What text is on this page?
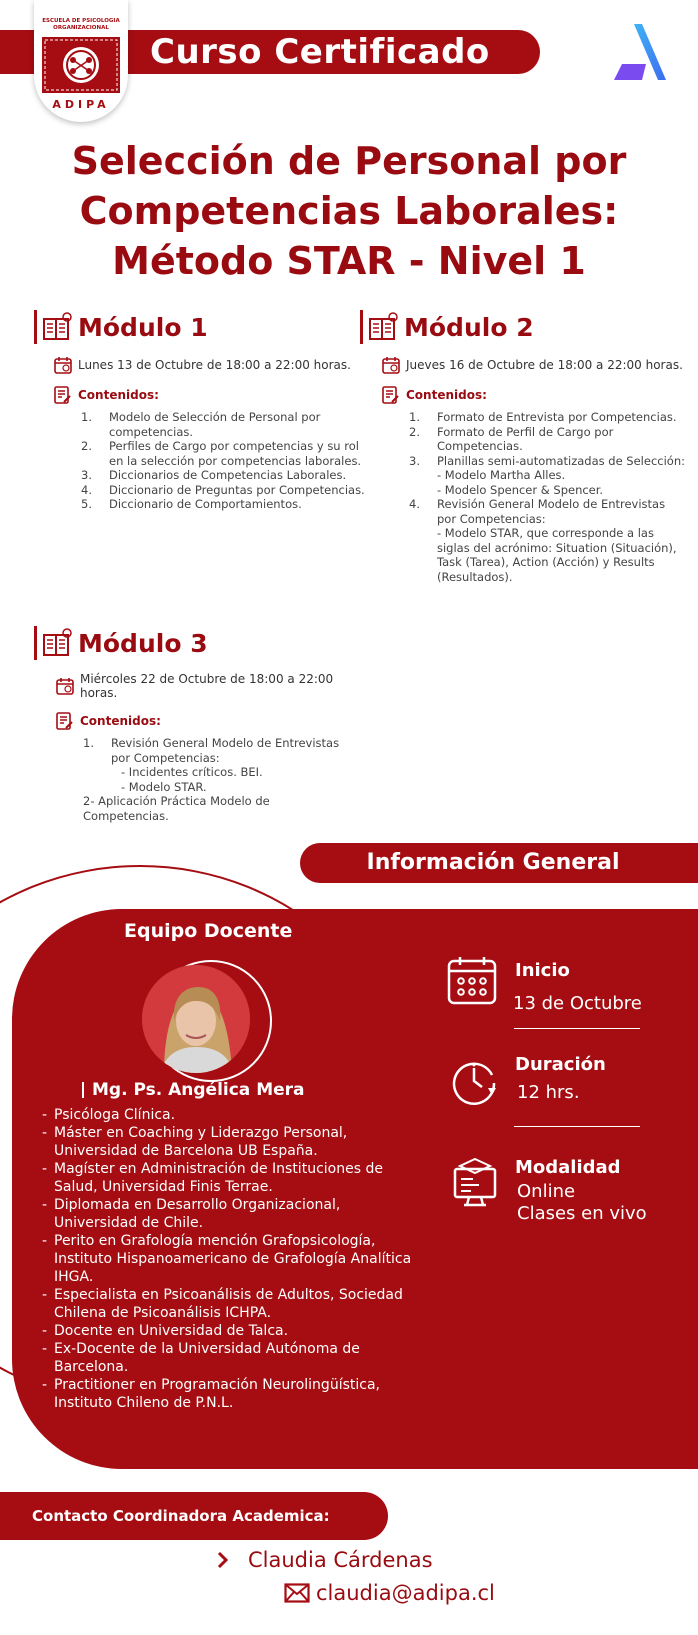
Curso Certificado
ESCUELA DE PSICOLOGIA ORGANIZACIONAL
ADIPA
Selección de Personal por
Competencias Laborales:
Método STAR - Nivel 1
Módulo 1
Lunes 13 de Octubre de 18:00 a 22:00 horas.
Contenidos:
1.	Modelo de Selección de Personal por competencias.
2.	Perfiles de Cargo por competencias y su rol en la selección por competencias laborales.
3.	Diccionarios de Competencias Laborales.
4.	Diccionario de Preguntas por Competencias.
5.	Diccionario de Comportamientos.
Módulo 2
Jueves 16 de Octubre de 18:00 a 22:00 horas.
Contenidos:
1.	Formato de Entrevista por Competencias.
2.	Formato de Perfil de Cargo por Competencias.
3.	Planillas semi-automatizadas de Selección:
- Modelo Martha Alles.
- Modelo Spencer & Spencer.
4.	Revisión General Modelo de Entrevistas por Competencias:
- Modelo STAR, que corresponde a las siglas del acrónimo: Situation (Situación), Task (Tarea), Action (Acción) y Results (Resultados).
Módulo 3
Miércoles 22 de Octubre de 18:00 a 22:00 horas.
Contenidos:
1.	Revisión General Modelo de Entrevistas por Competencias:
- Incidentes críticos. BEI.
- Modelo STAR.
2- Aplicación Práctica Modelo de Competencias.
Información General
Equipo Docente
Mg. Ps. Angélica Mera
- Psicóloga Clínica.
- Máster en Coaching y Liderazgo Personal, Universidad de Barcelona UB España.
- Magíster en Administración de Instituciones de Salud, Universidad Finis Terrae.
- Diplomada en Desarrollo Organizacional, Universidad de Chile.
- Perito en Grafología mención Grafopsicología, Instituto Hispanoamericano de Grafología Analítica IHGA.
- Especialista en Psicoanálisis de Adultos, Sociedad Chilena de Psicoanálisis ICHPA.
- Docente en Universidad de Talca.
- Ex-Docente de la Universidad Autónoma de Barcelona.
- Practitioner en Programación Neurolingüística, Instituto Chileno de P.N.L.
Inicio
13 de Octubre
Duración
12 hrs.
Modalidad
Online
Clases en vivo
Contacto Coordinadora Academica:
Claudia Cárdenas
claudia@adipa.cl
